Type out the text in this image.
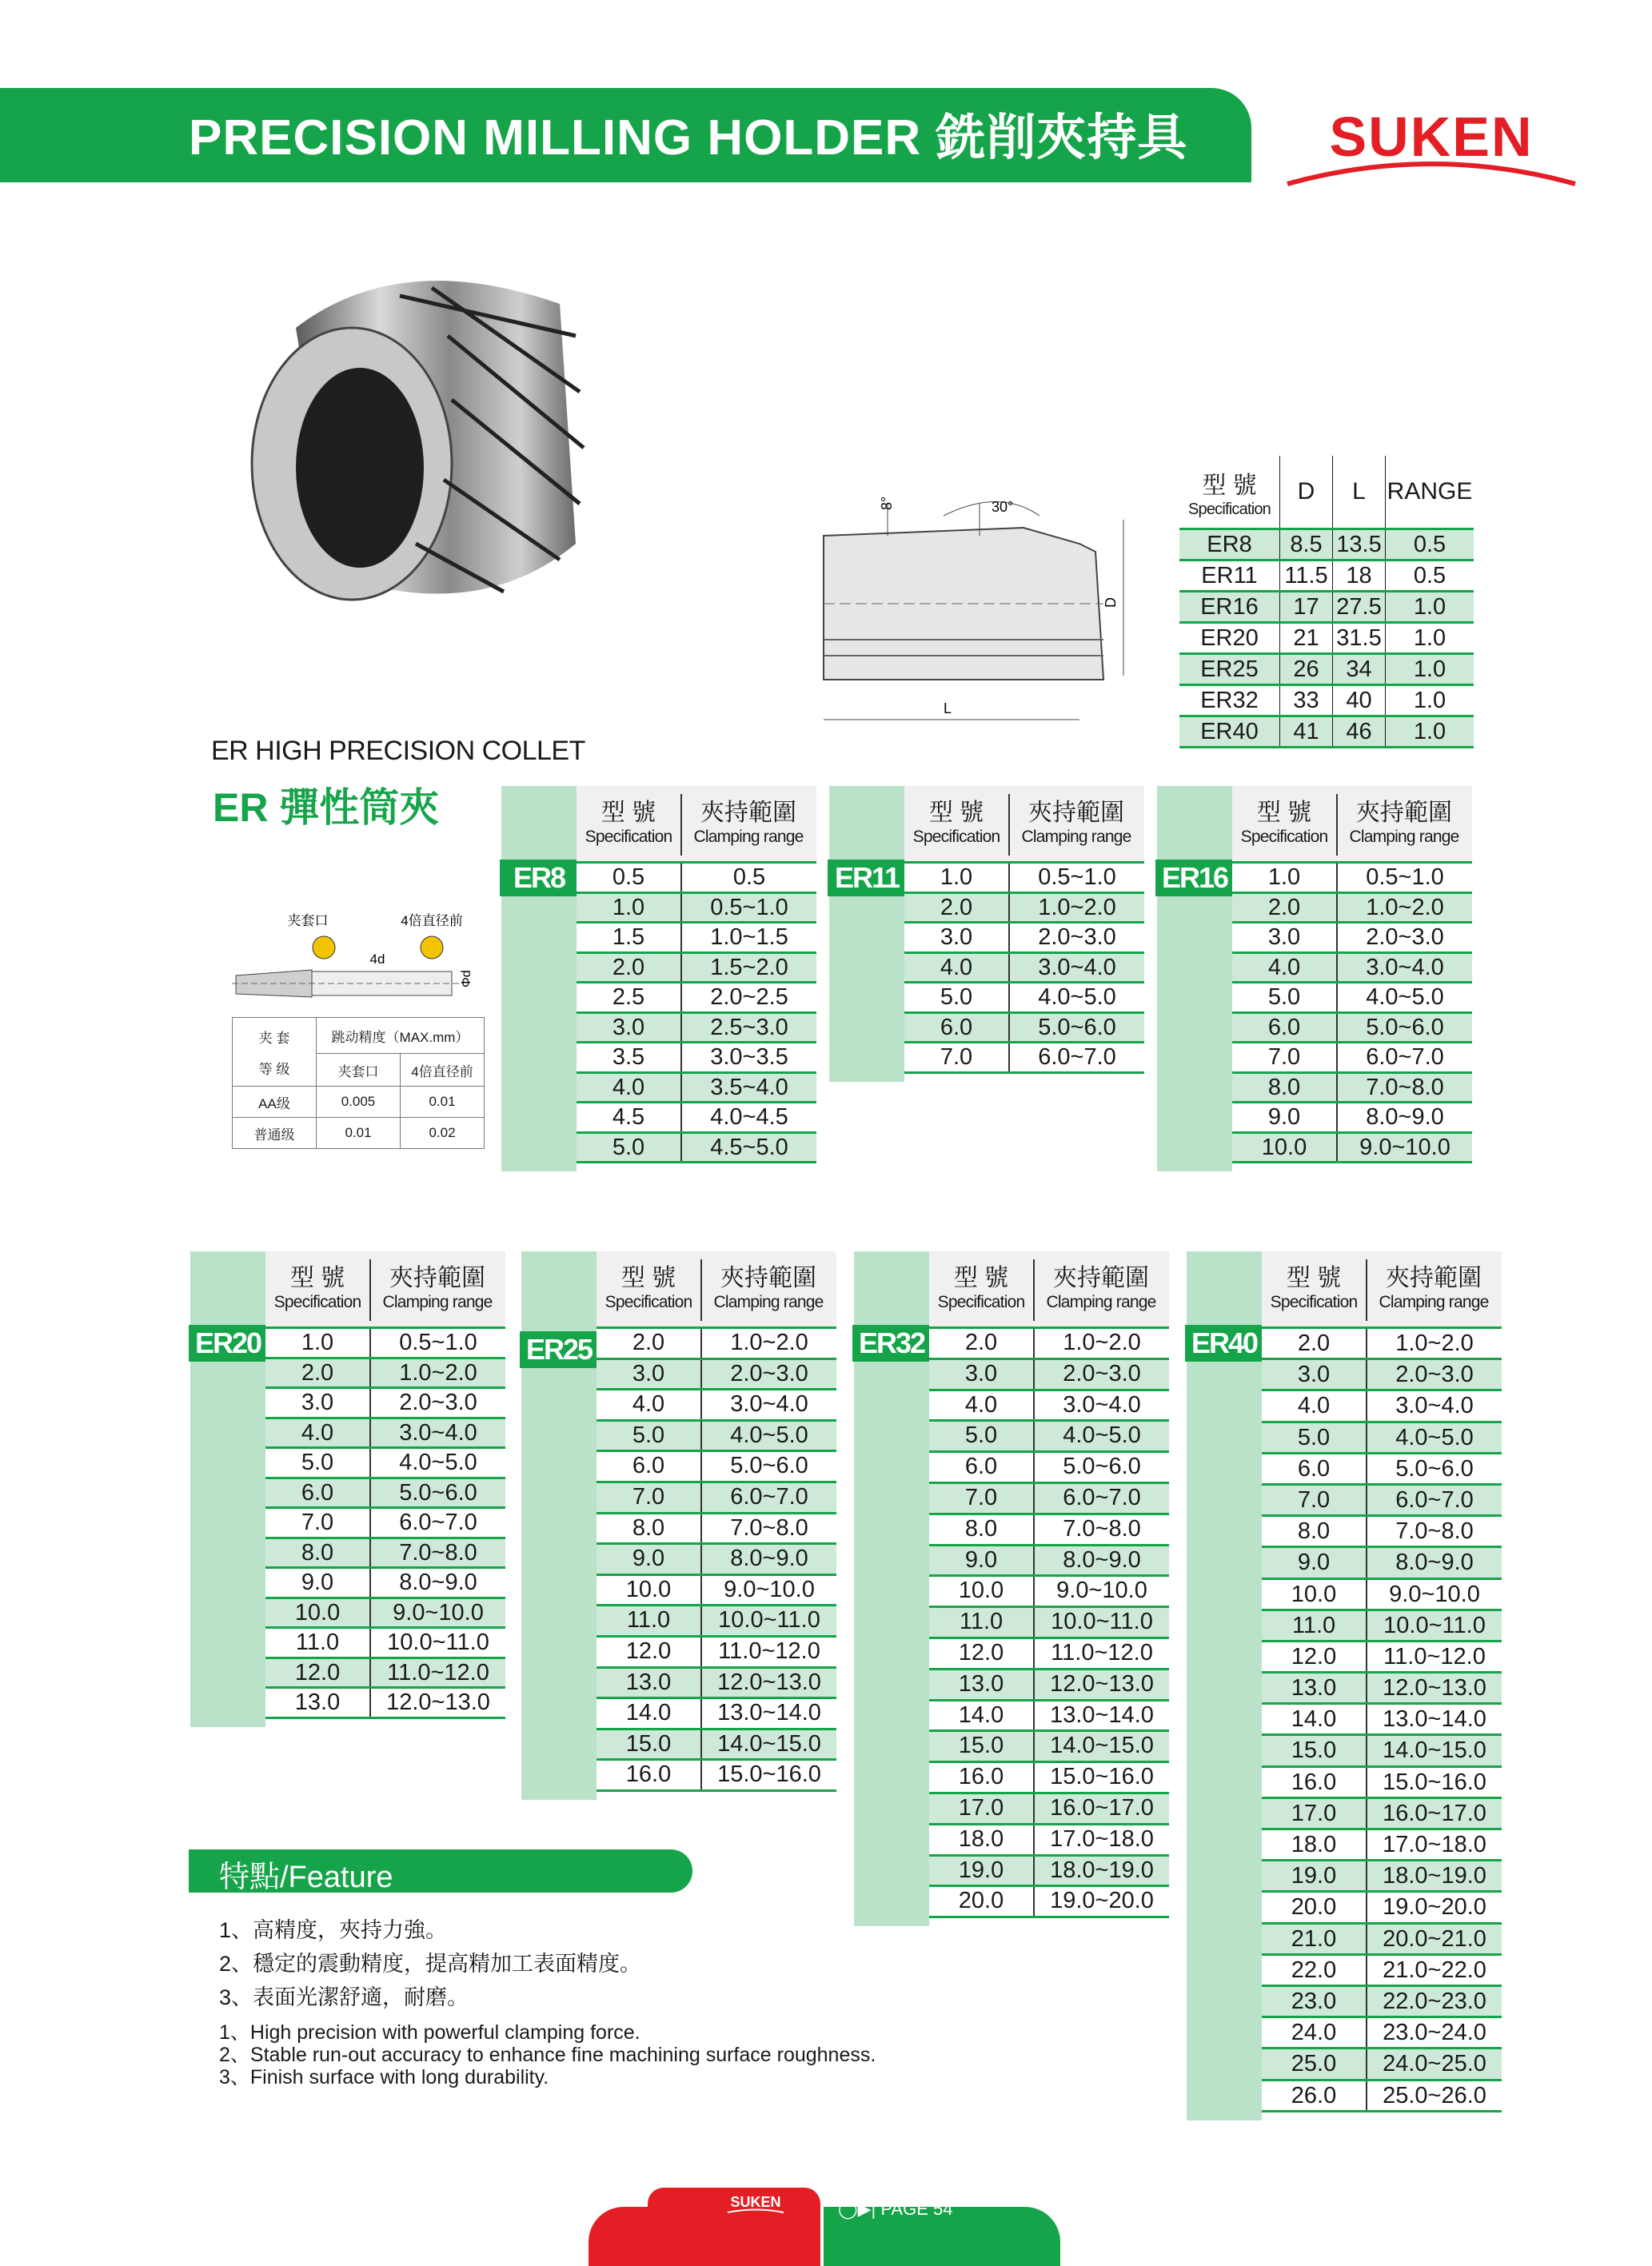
PRECISION MILLING HOLDER 銑削夾持具	SUKEN
8°	30°
D
L
型 號
Specification	D	L	RANGE
ER8	8.5	13.5	0.5
ER11	11.5	18	0.5
ER16	17	27.5	1.0
ER20	21	31.5	1.0
ER25	26	34	1.0
ER32	33	40	1.0
ER40	41	46	1.0
ER HIGH PRECISION COLLET
ER 彈性筒夾
夹套口	4倍直径前
4d
Φd
夹 套
等 级	跳动精度（MAX.mm）	
	夹套口	4倍直径前
AA级	0.005	0.01
普通级	0.01	0.02
ER8
型 號
Specification
夾持範圍
Clamping range
0.5	0.5
1.0	0.5~1.0
1.5	1.0~1.5
2.0	1.5~2.0
2.5	2.0~2.5
3.0	2.5~3.0
3.5	3.0~3.5
4.0	3.5~4.0
4.5	4.0~4.5
5.0	4.5~5.0
ER11
型 號
Specification
夾持範圍
Clamping range
1.0	0.5~1.0
2.0	1.0~2.0
3.0	2.0~3.0
4.0	3.0~4.0
5.0	4.0~5.0
6.0	5.0~6.0
7.0	6.0~7.0
ER16
型 號
Specification
夾持範圍
Clamping range
1.0	0.5~1.0
2.0	1.0~2.0
3.0	2.0~3.0
4.0	3.0~4.0
5.0	4.0~5.0
6.0	5.0~6.0
7.0	6.0~7.0
8.0	7.0~8.0
9.0	8.0~9.0
10.0	9.0~10.0
ER20
型 號
Specification
夾持範圍
Clamping range
1.0	0.5~1.0
2.0	1.0~2.0
3.0	2.0~3.0
4.0	3.0~4.0
5.0	4.0~5.0
6.0	5.0~6.0
7.0	6.0~7.0
8.0	7.0~8.0
9.0	8.0~9.0
10.0	9.0~10.0
11.0	10.0~11.0
12.0	11.0~12.0
13.0	12.0~13.0
ER25
型 號
Specification
夾持範圍
Clamping range
2.0	1.0~2.0
3.0	2.0~3.0
4.0	3.0~4.0
5.0	4.0~5.0
6.0	5.0~6.0
7.0	6.0~7.0
8.0	7.0~8.0
9.0	8.0~9.0
10.0	9.0~10.0
11.0	10.0~11.0
12.0	11.0~12.0
13.0	12.0~13.0
14.0	13.0~14.0
15.0	14.0~15.0
16.0	15.0~16.0
ER32
型 號
Specification
夾持範圍
Clamping range
2.0	1.0~2.0
3.0	2.0~3.0
4.0	3.0~4.0
5.0	4.0~5.0
6.0	5.0~6.0
7.0	6.0~7.0
8.0	7.0~8.0
9.0	8.0~9.0
10.0	9.0~10.0
11.0	10.0~11.0
12.0	11.0~12.0
13.0	12.0~13.0
14.0	13.0~14.0
15.0	14.0~15.0
16.0	15.0~16.0
17.0	16.0~17.0
18.0	17.0~18.0
19.0	18.0~19.0
20.0	19.0~20.0
ER40
型 號
Specification
夾持範圍
Clamping range
2.0	1.0~2.0
3.0	2.0~3.0
4.0	3.0~4.0
5.0	4.0~5.0
6.0	5.0~6.0
7.0	6.0~7.0
8.0	7.0~8.0
9.0	8.0~9.0
10.0	9.0~10.0
11.0	10.0~11.0
12.0	11.0~12.0
13.0	12.0~13.0
14.0	13.0~14.0
15.0	14.0~15.0
16.0	15.0~16.0
17.0	16.0~17.0
18.0	17.0~18.0
19.0	18.0~19.0
20.0	19.0~20.0
21.0	20.0~21.0
22.0	21.0~22.0
23.0	22.0~23.0
24.0	23.0~24.0
25.0	24.0~25.0
26.0	25.0~26.0
特點/Feature
1、高精度，夾持力強。
2、穩定的震動精度，提高精加工表面精度。
3、表面光潔舒適，耐磨。
1、High precision with powerful clamping force.
2、Stable run-out accuracy to enhance fine machining surface roughness.
3、Finish surface with long durability.
SUKEN	◯▶| PAGE 54
